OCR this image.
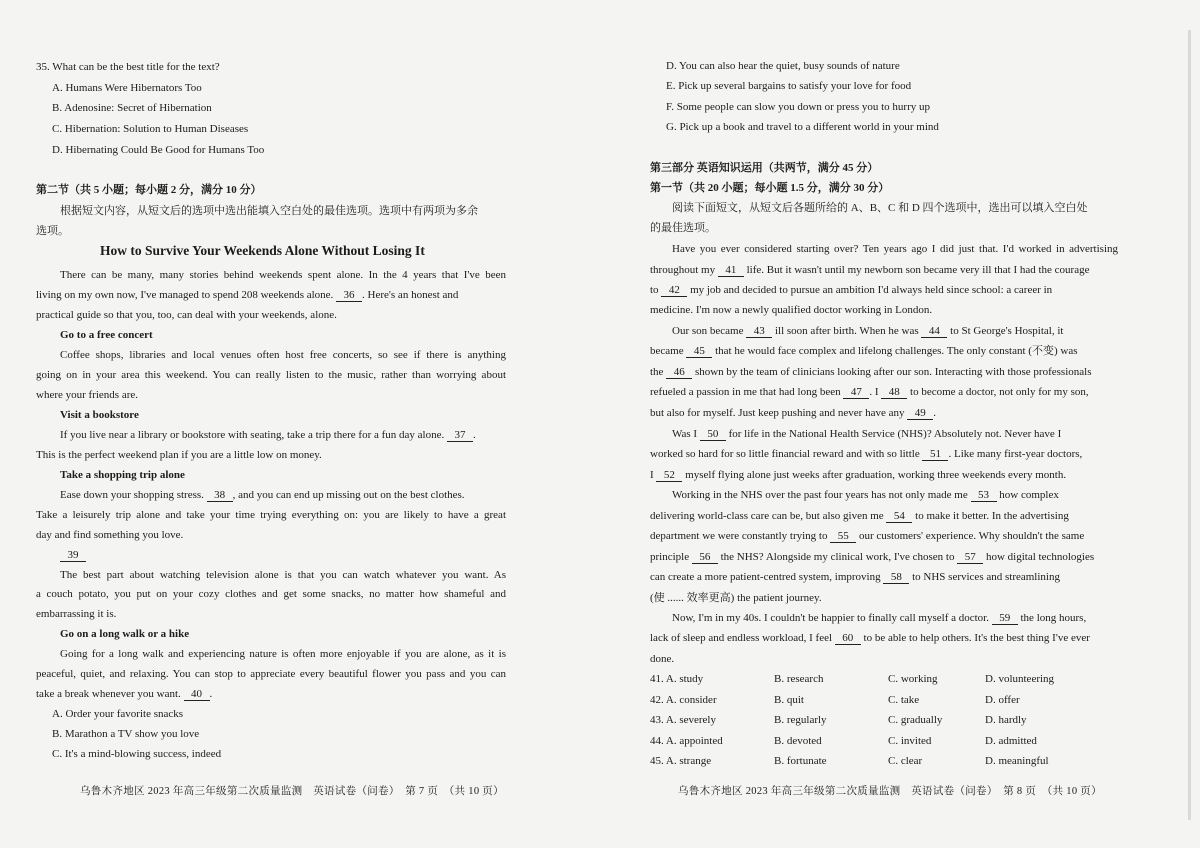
35. What can be the best title for the text?
A. Humans Were Hibernators Too
B. Adenosine: Secret of Hibernation
C. Hibernation: Solution to Human Diseases
D. Hibernating Could Be Good for Humans Too
第二节（共 5 小题；每小题 2 分，满分 10 分）
根据短文内容，从短文后的选项中选出能填入空白处的最佳选项。选项中有两项为多余
选项。
How to Survive Your Weekends Alone Without Losing It
There can be many, many stories behind weekends spent alone. In the 4 years that I've been
living on my own now, I've managed to spend 208 weekends alone. 36 . Here's an honest and
practical guide so that you, too, can deal with your weekends, alone.
Go to a free concert
Coffee shops, libraries and local venues often host free concerts, so see if there is anything
going on in your area this weekend. You can really listen to the music, rather than worrying about
where your friends are.
Visit a bookstore
If you live near a library or bookstore with seating, take a trip there for a fun day alone. 37 .
This is the perfect weekend plan if you are a little low on money.
Take a shopping trip alone
Ease down your shopping stress. 38 , and you can end up missing out on the best clothes.
Take a leisurely trip alone and take your time trying everything on: you are likely to have a great
day and find something you love.
39
The best part about watching television alone is that you can watch whatever you want. As
a couch potato, you put on your cozy clothes and get some snacks, no matter how shameful and
embarrassing it is.
Go on a long walk or a hike
Going for a long walk and experiencing nature is often more enjoyable if you are alone, as it is
peaceful, quiet, and relaxing. You can stop to appreciate every beautiful flower you pass and you can
take a break whenever you want. 40 .
A. Order your favorite snacks
B. Marathon a TV show you love
C. It's a mind-blowing success, indeed
乌鲁木齐地区 2023 年高三年级第二次质量监测　英语试卷（问卷）　第 7 页　（共 10 页）
D. You can also hear the quiet, busy sounds of nature
E. Pick up several bargains to satisfy your love for food
F. Some people can slow you down or press you to hurry up
G. Pick up a book and travel to a different world in your mind
第三部分 英语知识运用（共两节，满分 45 分）
第一节（共 20 小题；每小题 1.5 分，满分 30 分）
阅读下面短文，从短文后各题所给的 A、B、C 和 D 四个选项中，选出可以填入空白处
的最佳选项。
Have you ever considered starting over? Ten years ago I did just that. I'd worked in advertising
throughout my 41 life. But it wasn't until my newborn son became very ill that I had the courage
to 42 my job and decided to pursue an ambition I'd always held since school: a career in
medicine. I'm now a newly qualified doctor working in London.
Our son became 43 ill soon after birth. When he was 44 to St George's Hospital, it
became 45 that he would face complex and lifelong challenges. The only constant (不变) was
the 46 shown by the team of clinicians looking after our son. Interacting with those professionals
refueled a passion in me that had long been 47 . I 48 to become a doctor, not only for my son,
but also for myself. Just keep pushing and never have any 49 .
Was I 50 for life in the National Health Service (NHS)? Absolutely not. Never have I
worked so hard for so little financial reward and with so little 51 . Like many first-year doctors,
I 52 myself flying alone just weeks after graduation, working three weekends every month.
Working in the NHS over the past four years has not only made me 53 how complex
delivering world-class care can be, but also given me 54 to make it better. In the advertising
department we were constantly trying to 55 our customers' experience. Why shouldn't the same
principle 56 the NHS? Alongside my clinical work, I've chosen to 57 how digital technologies
can create a more patient-centred system, improving 58 to NHS services and streamlining
(使 ...... 效率更高) the patient journey.
Now, I'm in my 40s. I couldn't be happier to finally call myself a doctor. 59 the long hours,
lack of sleep and endless workload, I feel 60 to be able to help others. It's the best thing I've ever
done.
41. A. study	B. research	C. working	D. volunteering
42. A. consider	B. quit	C. take	D. offer
43. A. severely	B. regularly	C. gradually	D. hardly
44. A. appointed	B. devoted	C. invited	D. admitted
45. A. strange	B. fortunate	C. clear	D. meaningful
乌鲁木齐地区 2023 年高三年级第二次质量监测　英语试卷（问卷）　第 8 页　（共 10 页）
